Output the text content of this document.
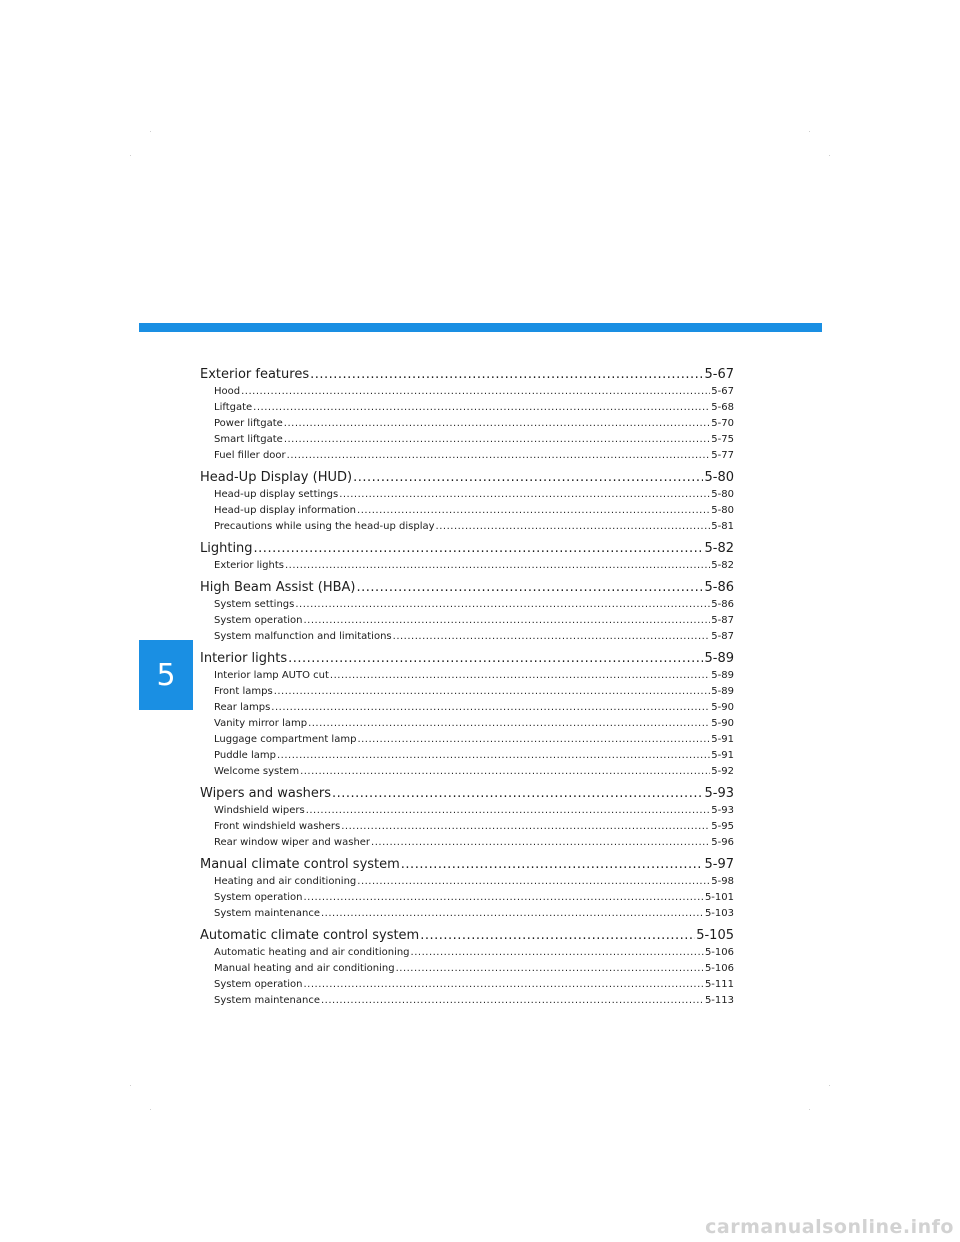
5
Exterior features .....	5-67
Hood .....	5-67
Liftgate .....	5-68
Power liftgate .....	5-70
Smart liftgate .....	5-75
Fuel filler door .....	5-77
Head-Up Display (HUD) .....	5-80
Head-up display settings .....	5-80
Head-up display information .....	5-80
Precautions while using the head-up display .....	5-81
Lighting .....	5-82
Exterior lights .....	5-82
High Beam Assist (HBA) .....	5-86
System settings .....	5-86
System operation .....	5-87
System malfunction and limitations .....	5-87
Interior lights .....	5-89
Interior lamp AUTO cut .....	5-89
Front lamps .....	5-89
Rear lamps .....	5-90
Vanity mirror lamp .....	5-90
Luggage compartment lamp .....	5-91
Puddle lamp .....	5-91
Welcome system .....	5-92
Wipers and washers .....	5-93
Windshield wipers .....	5-93
Front windshield washers .....	5-95
Rear window wiper and washer .....	5-96
Manual climate control system .....	5-97
Heating and air conditioning .....	5-98
System operation .....	5-101
System maintenance .....	5-103
Automatic climate control system .....	5-105
Automatic heating and air conditioning .....	5-106
Manual heating and air conditioning .....	5-106
System operation .....	5-111
System maintenance .....	5-113
carmanualsonline.info
